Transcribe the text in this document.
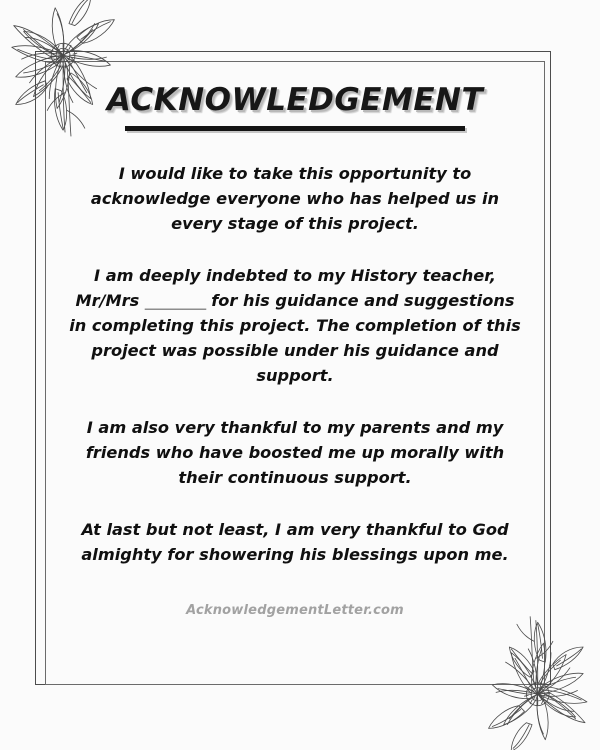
ACKNOWLEDGEMENT

I would like to take this opportunity to acknowledge everyone who has helped us in every stage of this project.

I am deeply indebted to my History teacher, Mr/Mrs ________ for his guidance and suggestions in completing this project. The completion of this project was possible under his guidance and support.

I am also very thankful to my parents and my friends who have boosted me up morally with their continuous support.

At last but not least, I am very thankful to God almighty for showering his blessings upon me.

AcknowledgementLetter.com
